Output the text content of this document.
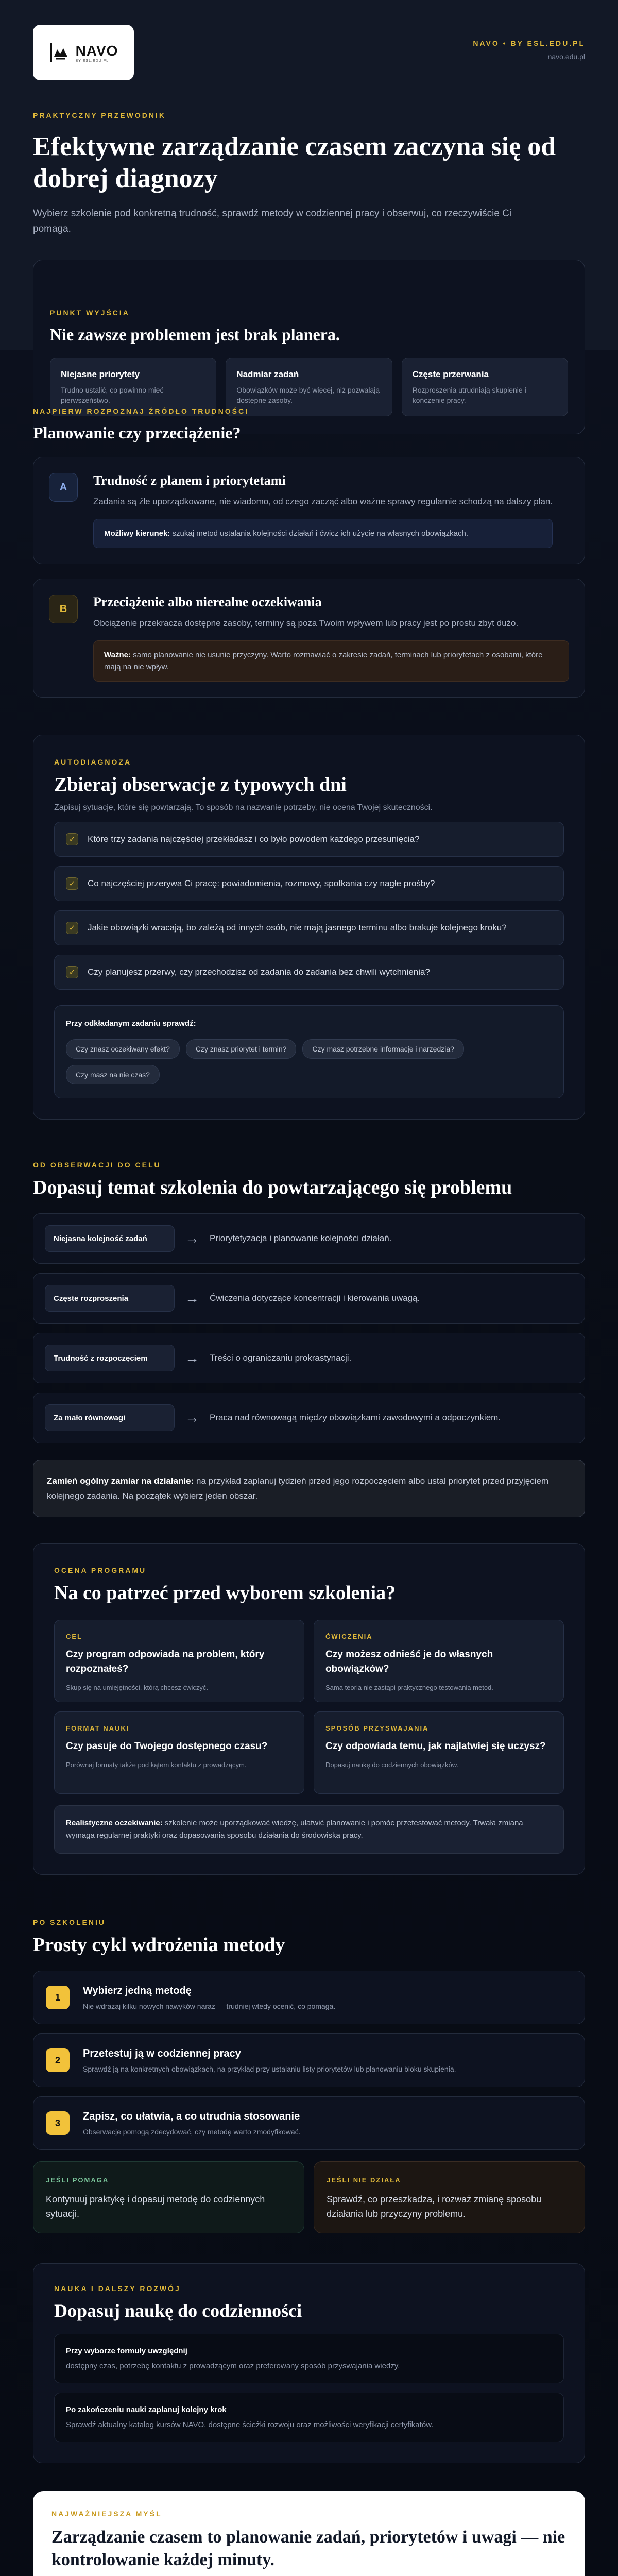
NAVO
BY ESL.EDU.PL
NAVO • BY ESL.EDU.PL
navo.edu.pl
PRAKTYCZNY PRZEWODNIK
Efektywne zarządzanie czasem zaczyna się od dobrej diagnozy

Wybierz szkolenie pod konkretną trudność, sprawdź metody w codziennej pracy i obserwuj, co rzeczywiście Ci pomaga.

PUNKT WYJŚCIA
Nie zawsze problemem jest brak planera.
Niejasne priorytety
Trudno ustalić, co powinno mieć pierwszeństwo.
Nadmiar zadań
Obowiązków może być więcej, niż pozwalają dostępne zasoby.
Częste przerwania
Rozproszenia utrudniają skupienie i kończenie pracy.
NAJPIERW ROZPOZNAJ ŹRÓDŁO TRUDNOŚCI
Planowanie czy przeciążenie?
A	Trudność z planem i priorytetami
Zadania są źle uporządkowane, nie wiadomo, od czego zacząć albo ważne sprawy regularnie schodzą na dalszy plan.
Możliwy kierunek: szukaj metod ustalania kolejności działań i ćwicz ich użycie na własnych obowiązkach.
B	Przeciążenie albo nierealne oczekiwania
Obciążenie przekracza dostępne zasoby, terminy są poza Twoim wpływem lub pracy jest po prostu zbyt dużo.
Ważne: samo planowanie nie usunie przyczyny. Warto rozmawiać o zakresie zadań, terminach lub priorytetach z osobami, które mają na nie wpływ.
AUTODIAGNOZA
Zbieraj obserwacje z typowych dni
Zapisuj sytuacje, które się powtarzają. To sposób na nazwanie potrzeby, nie ocena Twojej skuteczności.
✓	Które trzy zadania najczęściej przekładasz i co było powodem każdego przesunięcia?
✓	Co najczęściej przerywa Ci pracę: powiadomienia, rozmowy, spotkania czy nagłe prośby?
✓	Jakie obowiązki wracają, bo zależą od innych osób, nie mają jasnego terminu albo brakuje kolejnego kroku?
✓	Czy planujesz przerwy, czy przechodzisz od zadania do zadania bez chwili wytchnienia?
Przy odkładanym zadaniu sprawdź:
Czy znasz oczekiwany efekt?	Czy znasz priorytet i termin?	Czy masz potrzebne informacje i narzędzia?
Czy masz na nie czas?
OD OBSERWACJI DO CELU
Dopasuj temat szkolenia do powtarzającego się problemu
Niejasna kolejność zadań	→ Priorytetyzacja i planowanie kolejności działań.
Częste rozproszenia	→ Ćwiczenia dotyczące koncentracji i kierowania uwagą.
Trudność z rozpoczęciem	→ Treści o ograniczaniu prokrastynacji.
Za mało równowagi	→ Praca nad równowagą między obowiązkami zawodowymi a odpoczynkiem.
Zamień ogólny zamiar na działanie: na przykład zaplanuj tydzień przed jego rozpoczęciem albo ustal priorytet przed przyjęciem kolejnego zadania. Na początek wybierz jeden obszar.
OCENA PROGRAMU
Na co patrzeć przed wyborem szkolenia?
CEL
Czy program odpowiada na problem, który rozpoznałeś?
Skup się na umiejętności, którą chcesz ćwiczyć.
ĆWICZENIA
Czy możesz odnieść je do własnych obowiązków?
Sama teoria nie zastąpi praktycznego testowania metod.
FORMAT NAUKI
Czy pasuje do Twojego dostępnego czasu?
Porównaj formaty także pod kątem kontaktu z prowadzącym.
SPOSÓB PRZYSWAJANIA
Czy odpowiada temu, jak najlatwiej się uczysz?
Dopasuj naukę do codziennych obowiązków.
Realistyczne oczekiwanie: szkolenie może uporządkować wiedzę, ułatwić planowanie i pomóc przetestować metody. Trwała zmiana wymaga regularnej praktyki oraz dopasowania sposobu działania do środowiska pracy.
PO SZKOLENIU
Prosty cykl wdrożenia metody
1
Wybierz jedną metodę
Nie wdrażaj kilku nowych nawyków naraz — trudniej wtedy ocenić, co pomaga.
2
Przetestuj ją w codziennej pracy
Sprawdź ją na konkretnych obowiązkach, na przykład przy ustalaniu listy priorytetów lub planowaniu bloku skupienia.
3
Zapisz, co ułatwia, a co utrudnia stosowanie
Obserwacje pomogą zdecydować, czy metodę warto zmodyfikować.
JEŚLI POMAGA
Kontynuuj praktykę i dopasuj metodę do codziennych sytuacji.
JEŚLI NIE DZIAŁA
Sprawdź, co przeszkadza, i rozważ zmianę sposobu działania lub przyczyny problemu.
NAUKA I DALSZY ROZWÓJ
Dopasuj naukę do codzienności
Przy wyborze formuły uwzględnij
dostępny czas, potrzebę kontaktu z prowadzącym oraz preferowany sposób przyswajania wiedzy.
Po zakończeniu nauki zaplanuj kolejny krok
Sprawdź aktualny katalog kursów NAVO, dostępne ścieżki rozwoju oraz możliwości weryfikacji certyfikatów.
NAJWAŻNIEJSZA MYŚL
Zarządzanie czasem to planowanie zadań, priorytetów i uwagi — nie kontrolowanie każdej minuty.
